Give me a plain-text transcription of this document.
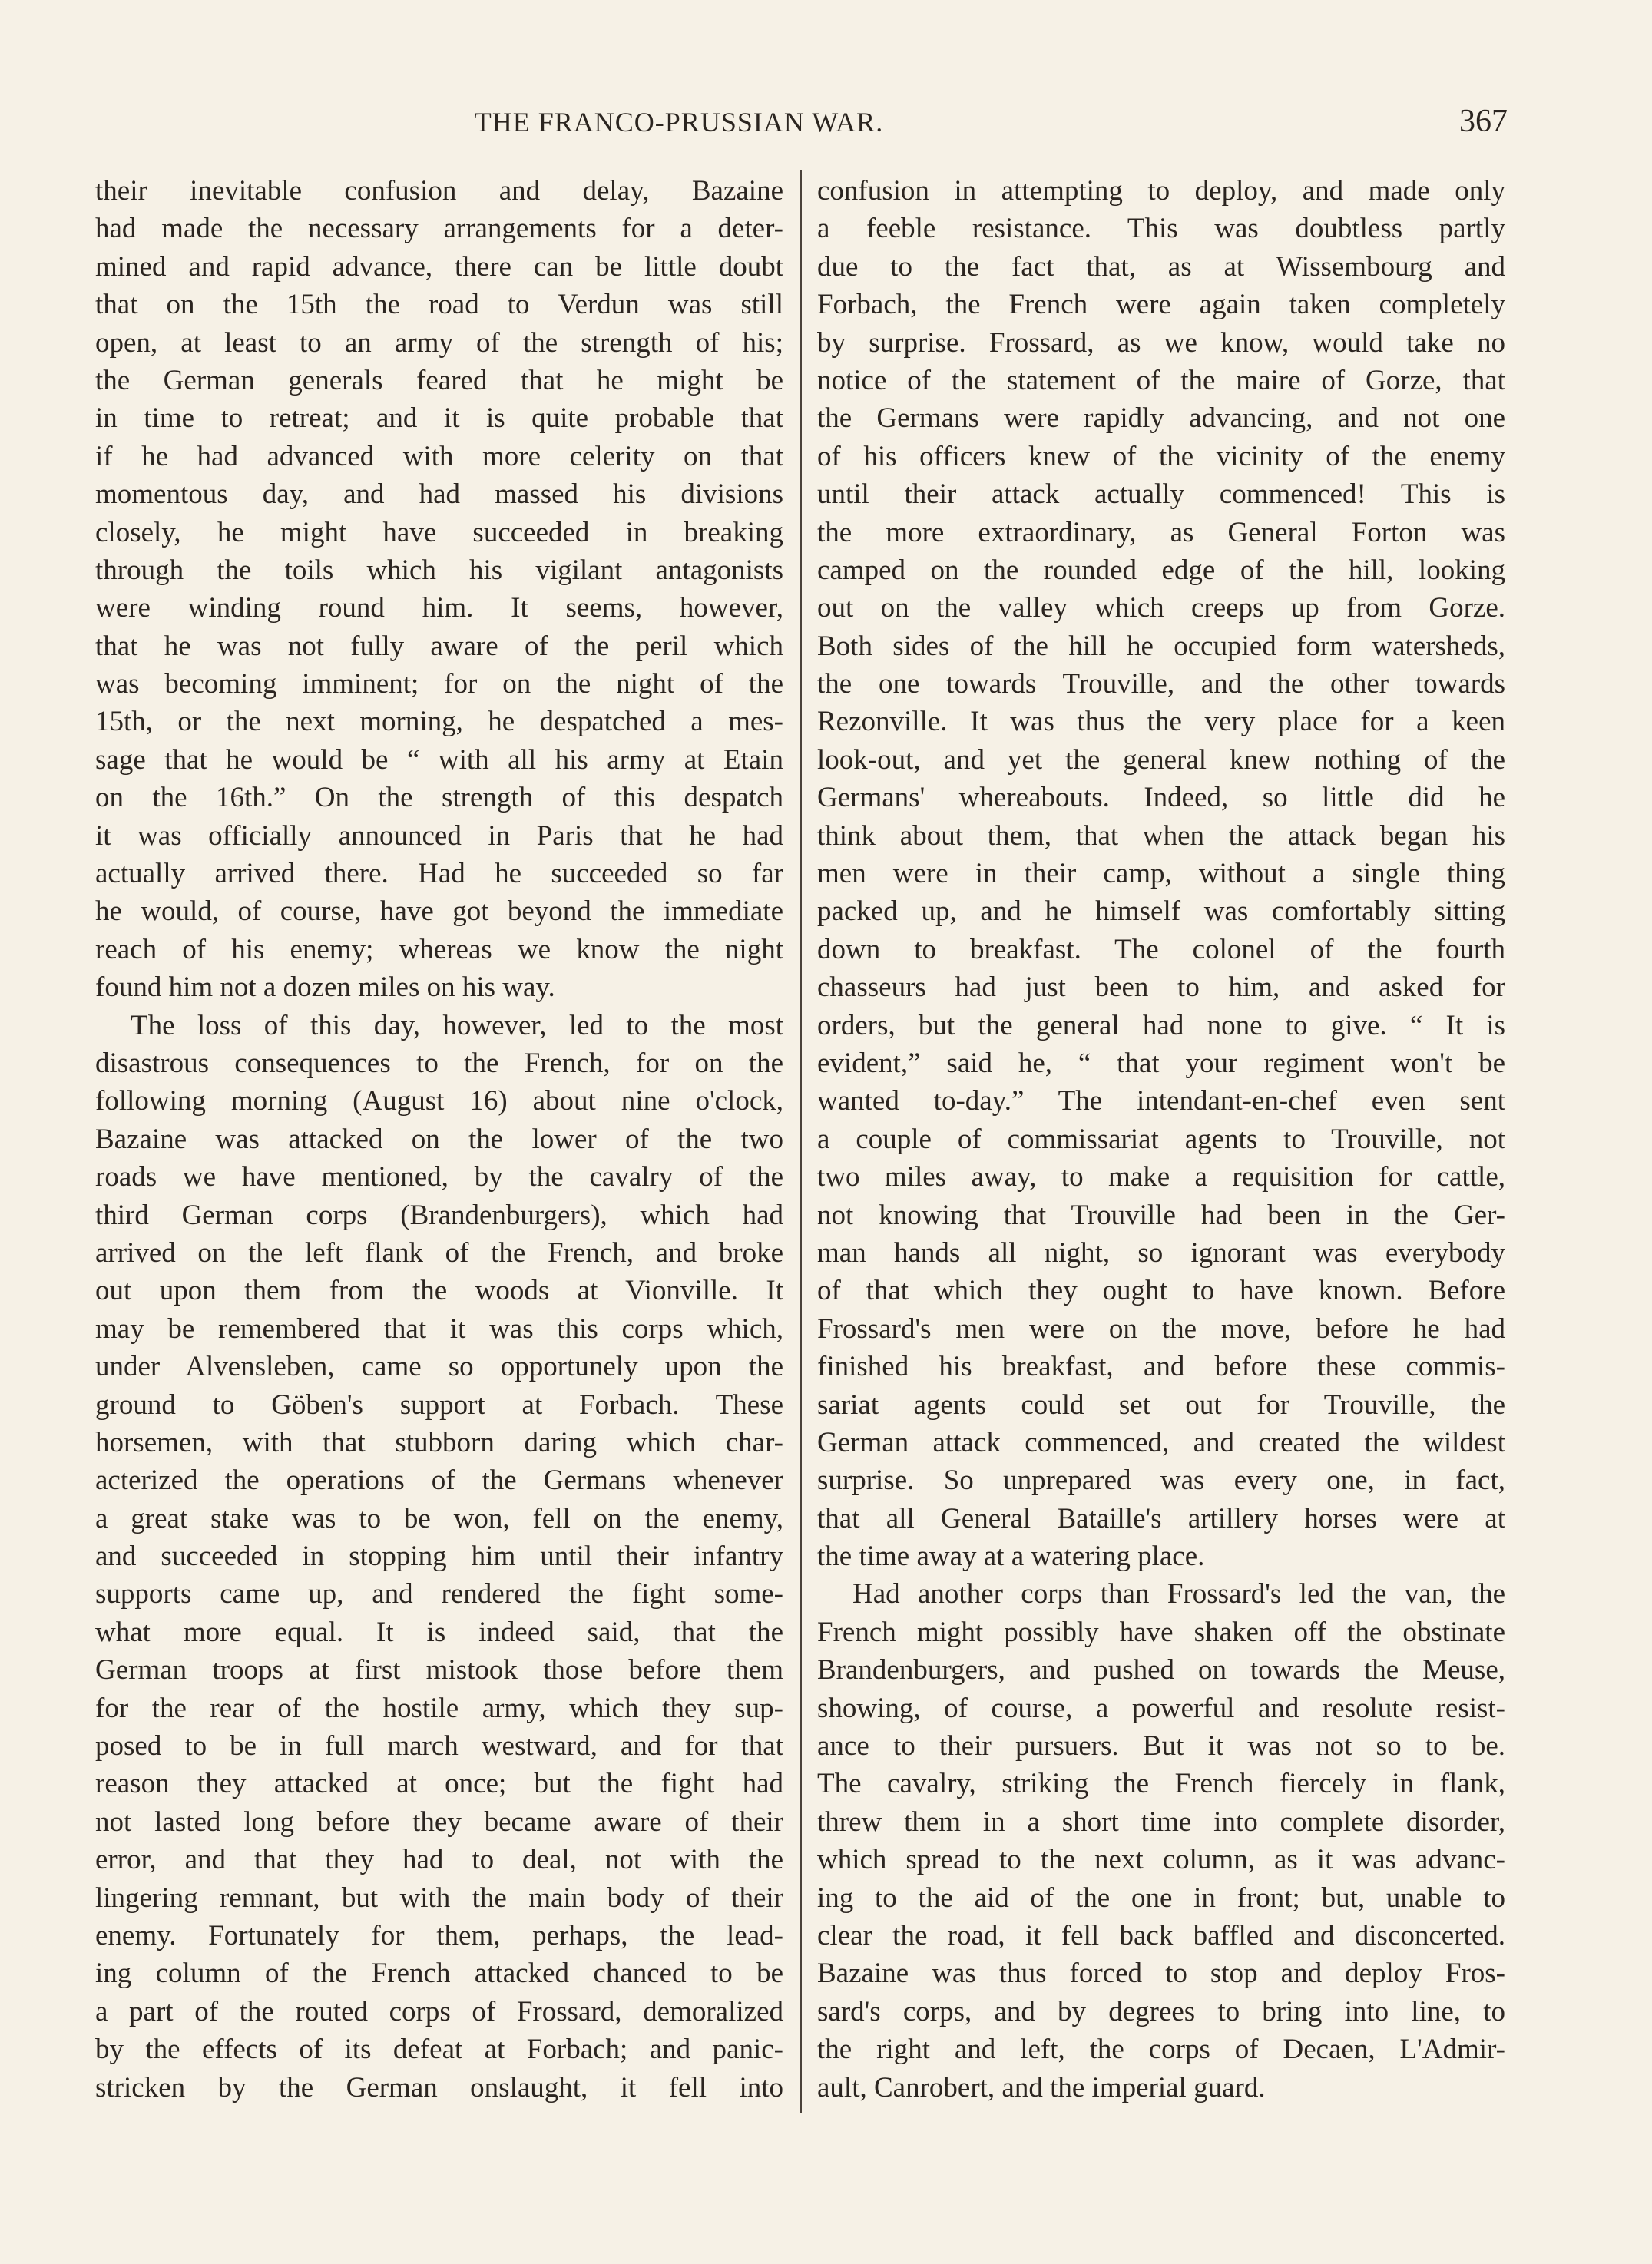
THE FRANCO-PRUSSIAN WAR.	367
their inevitable confusion and delay, Bazaine
had made the necessary arrangements for a deter-
mined and rapid advance, there can be little doubt
that on the 15th the road to Verdun was still
open, at least to an army of the strength of his;
the German generals feared that he might be
in time to retreat; and it is quite probable that
if he had advanced with more celerity on that
momentous day, and had massed his divisions
closely, he might have succeeded in breaking
through the toils which his vigilant antagonists
were winding round him. It seems, however,
that he was not fully aware of the peril which
was becoming imminent; for on the night of the
15th, or the next morning, he despatched a mes-
sage that he would be “ with all his army at Etain
on the 16th.” On the strength of this despatch
it was officially announced in Paris that he had
actually arrived there. Had he succeeded so far
he would, of course, have got beyond the immediate
reach of his enemy; whereas we know the night
found him not a dozen miles on his way.
The loss of this day, however, led to the most
disastrous consequences to the French, for on the
following morning (August 16) about nine o'clock,
Bazaine was attacked on the lower of the two
roads we have mentioned, by the cavalry of the
third German corps (Brandenburgers), which had
arrived on the left flank of the French, and broke
out upon them from the woods at Vionville. It
may be remembered that it was this corps which,
under Alvensleben, came so opportunely upon the
ground to Göben's support at Forbach. These
horsemen, with that stubborn daring which char-
acterized the operations of the Germans whenever
a great stake was to be won, fell on the enemy,
and succeeded in stopping him until their infantry
supports came up, and rendered the fight some-
what more equal. It is indeed said, that the
German troops at first mistook those before them
for the rear of the hostile army, which they sup-
posed to be in full march westward, and for that
reason they attacked at once; but the fight had
not lasted long before they became aware of their
error, and that they had to deal, not with the
lingering remnant, but with the main body of their
enemy. Fortunately for them, perhaps, the lead-
ing column of the French attacked chanced to be
a part of the routed corps of Frossard, demoralized
by the effects of its defeat at Forbach; and panic-
stricken by the German onslaught, it fell into
confusion in attempting to deploy, and made only
a feeble resistance. This was doubtless partly
due to the fact that, as at Wissembourg and
Forbach, the French were again taken completely
by surprise. Frossard, as we know, would take no
notice of the statement of the maire of Gorze, that
the Germans were rapidly advancing, and not one
of his officers knew of the vicinity of the enemy
until their attack actually commenced! This is
the more extraordinary, as General Forton was
camped on the rounded edge of the hill, looking
out on the valley which creeps up from Gorze.
Both sides of the hill he occupied form watersheds,
the one towards Trouville, and the other towards
Rezonville. It was thus the very place for a keen
look-out, and yet the general knew nothing of the
Germans' whereabouts. Indeed, so little did he
think about them, that when the attack began his
men were in their camp, without a single thing
packed up, and he himself was comfortably sitting
down to breakfast. The colonel of the fourth
chasseurs had just been to him, and asked for
orders, but the general had none to give. “ It is
evident,” said he, “ that your regiment won't be
wanted to-day.” The intendant-en-chef even sent
a couple of commissariat agents to Trouville, not
two miles away, to make a requisition for cattle,
not knowing that Trouville had been in the Ger-
man hands all night, so ignorant was everybody
of that which they ought to have known. Before
Frossard's men were on the move, before he had
finished his breakfast, and before these commis-
sariat agents could set out for Trouville, the
German attack commenced, and created the wildest
surprise. So unprepared was every one, in fact,
that all General Bataille's artillery horses were at
the time away at a watering place.
Had another corps than Frossard's led the van, the
French might possibly have shaken off the obstinate
Brandenburgers, and pushed on towards the Meuse,
showing, of course, a powerful and resolute resist-
ance to their pursuers. But it was not so to be.
The cavalry, striking the French fiercely in flank,
threw them in a short time into complete disorder,
which spread to the next column, as it was advanc-
ing to the aid of the one in front; but, unable to
clear the road, it fell back baffled and disconcerted.
Bazaine was thus forced to stop and deploy Fros-
sard's corps, and by degrees to bring into line, to
the right and left, the corps of Decaen, L'Admir-
ault, Canrobert, and the imperial guard.
